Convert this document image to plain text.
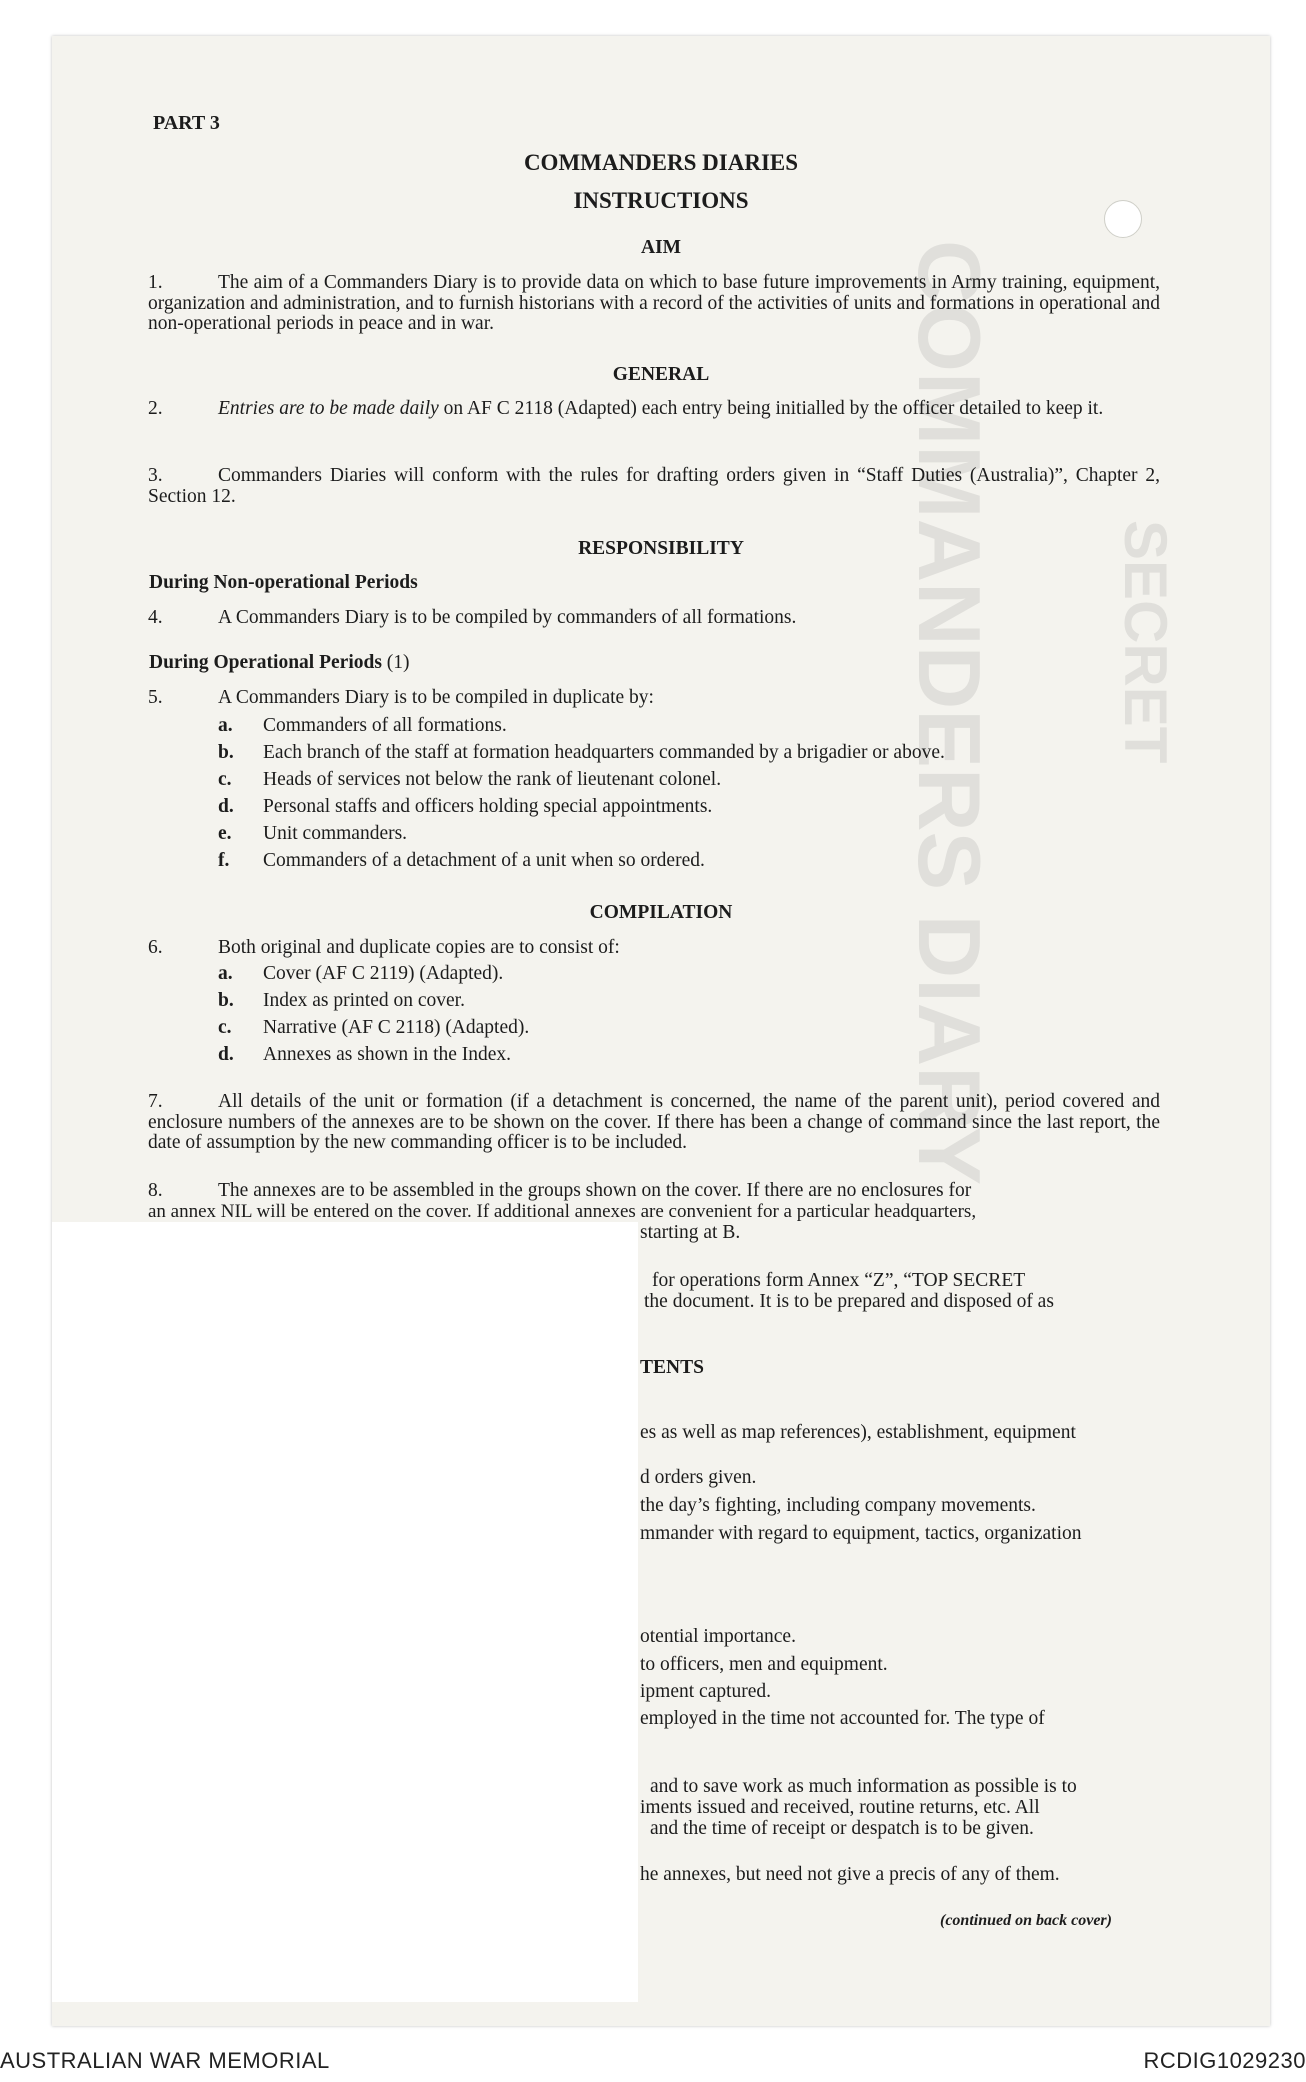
PART 3
COMMANDERS DIARIES
INSTRUCTIONS
AIM
1.	The aim of a Commanders Diary is to provide data on which to base future improvements in Army training, equipment, organization and administration, and to furnish historians with a record of the activities of units and formations in operational and non-operational periods in peace and in war.
GENERAL
2.	Entries are to be made daily on AF C 2118 (Adapted) each entry being initialled by the officer detailed to keep it.
3.	Commanders Diaries will conform with the rules for drafting orders given in “Staff Duties (Australia)”, Chapter 2, Section 12.
RESPONSIBILITY
During Non-operational Periods
4.	A Commanders Diary is to be compiled by commanders of all formations.
During Operational Periods (1)
5.	A Commanders Diary is to be compiled in duplicate by:
a. Commanders of all formations.
b. Each branch of the staff at formation headquarters commanded by a brigadier or above.
c. Heads of services not below the rank of lieutenant colonel.
d. Personal staffs and officers holding special appointments.
e. Unit commanders.
f. Commanders of a detachment of a unit when so ordered.
COMPILATION
6.	Both original and duplicate copies are to consist of:
a. Cover (AF C 2119) (Adapted).
b. Index as printed on cover.
c. Narrative (AF C 2118) (Adapted).
d. Annexes as shown in the Index.
7.	All details of the unit or formation (if a detachment is concerned, the name of the parent unit), period covered and enclosure numbers of the annexes are to be shown on the cover. If there has been a change of command since the last report, the date of assumption by the new commanding officer is to be included.
8.	The annexes are to be assembled in the groups shown on the cover. If there are no enclosures for
an annex NIL will be entered on the cover. If additional annexes are convenient for a particular headquarters,
starting at B.
for operations form Annex “Z”, “TOP SECRET
the document. It is to be prepared and disposed of as
TENTS
es as well as map references), establishment, equipment
d orders given.
the day’s fighting, including company movements.
mmander with regard to equipment, tactics, organization
otential importance.
to officers, men and equipment.
ipment captured.
employed in the time not accounted for. The type of
and to save work as much information as possible is to
iments issued and received, routine returns, etc. All
and the time of receipt or despatch is to be given.
he annexes, but need not give a precis of any of them.
(continued on back cover)
AUSTRALIAN WAR MEMORIAL	RCDIG1029230
